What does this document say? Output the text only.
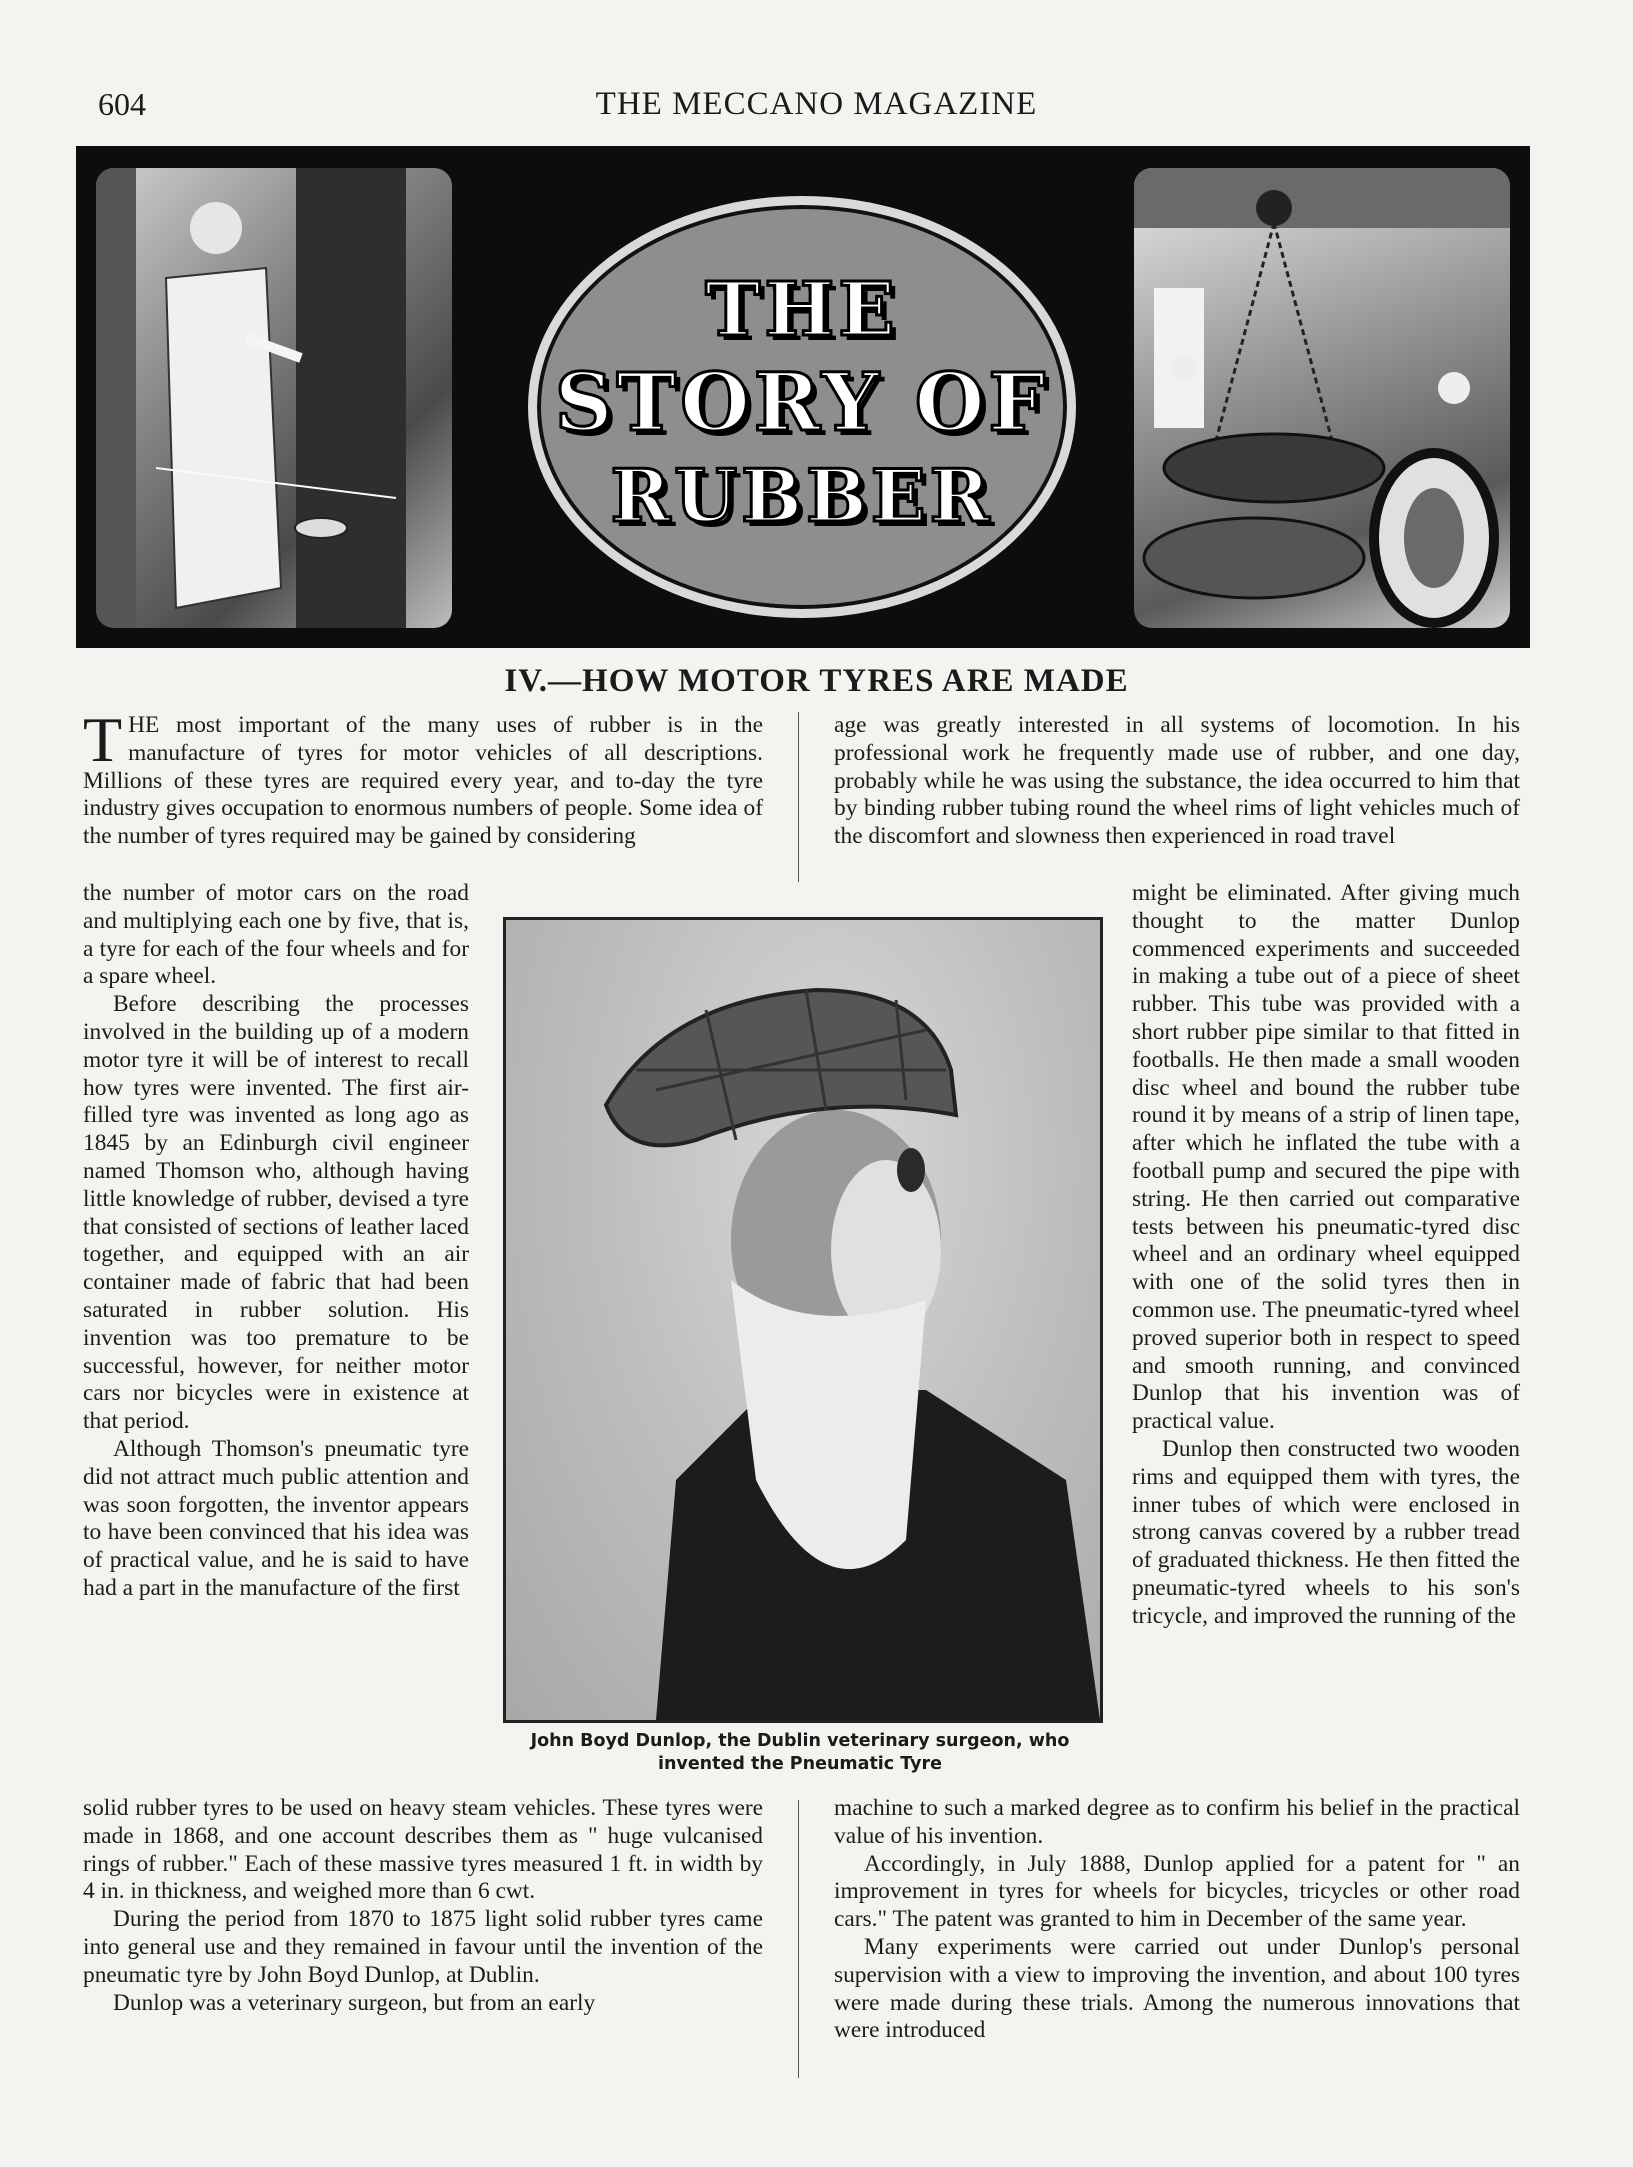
604	THE MECCANO MAGAZINE
THE
STORY OF
RUBBER
IV.—HOW MOTOR TYRES ARE MADE

THE most important of the many uses of rubber is in the manufacture of tyres for motor vehicles of all descriptions. Millions of these tyres are required every year, and to-day the tyre industry gives occupation to enormous numbers of people. Some idea of the number of tyres required may be gained by considering

the number of motor cars on the road and multiplying each one by five, that is, a tyre for each of the four wheels and for a spare wheel.

Before describing the processes involved in the building up of a modern motor tyre it will be of interest to recall how tyres were invented. The first air-filled tyre was invented as long ago as 1845 by an Edinburgh civil engineer named Thomson who, although having little knowledge of rubber, devised a tyre that consisted of sections of leather laced together, and equipped with an air container made of fabric that had been saturated in rubber solution. His invention was too premature to be successful, however, for neither motor cars nor bicycles were in existence at that period.

Although Thomson's pneumatic tyre did not attract much public attention and was soon forgotten, the inventor appears to have been convinced that his idea was of practical value, and he is said to have had a part in the manufacture of the first

solid rubber tyres to be used on heavy steam vehicles. These tyres were made in 1868, and one account describes them as " huge vulcanised rings of rubber." Each of these massive tyres measured 1 ft. in width by 4 in. in thickness, and weighed more than 6 cwt.

During the period from 1870 to 1875 light solid rubber tyres came into general use and they remained in favour until the invention of the pneumatic tyre by John Boyd Dunlop, at Dublin.

Dunlop was a veterinary surgeon, but from an early

age was greatly interested in all systems of locomotion. In his professional work he frequently made use of rubber, and one day, probably while he was using the substance, the idea occurred to him that by binding rubber tubing round the wheel rims of light vehicles much of the discomfort and slowness then experienced in road travel

might be eliminated. After giving much thought to the matter Dunlop commenced experiments and succeeded in making a tube out of a piece of sheet rubber. This tube was provided with a short rubber pipe similar to that fitted in footballs. He then made a small wooden disc wheel and bound the rubber tube round it by means of a strip of linen tape, after which he inflated the tube with a football pump and secured the pipe with string. He then carried out comparative tests between his pneumatic-tyred disc wheel and an ordinary wheel equipped with one of the solid tyres then in common use. The pneumatic-tyred wheel proved superior both in respect to speed and smooth running, and convinced Dunlop that his invention was of practical value.

Dunlop then constructed two wooden rims and equipped them with tyres, the inner tubes of which were enclosed in strong canvas covered by a rubber tread of graduated thickness. He then fitted the pneumatic-tyred wheels to his son's tricycle, and improved the running of the

machine to such a marked degree as to confirm his belief in the practical value of his invention.

Accordingly, in July 1888, Dunlop applied for a patent for " an improvement in tyres for wheels for bicycles, tricycles or other road cars." The patent was granted to him in December of the same year.

Many experiments were carried out under Dunlop's personal supervision with a view to improving the invention, and about 100 tyres were made during these trials. Among the numerous innovations that were introduced

John Boyd Dunlop, the Dublin veterinary surgeon, who invented the Pneumatic Tyre
